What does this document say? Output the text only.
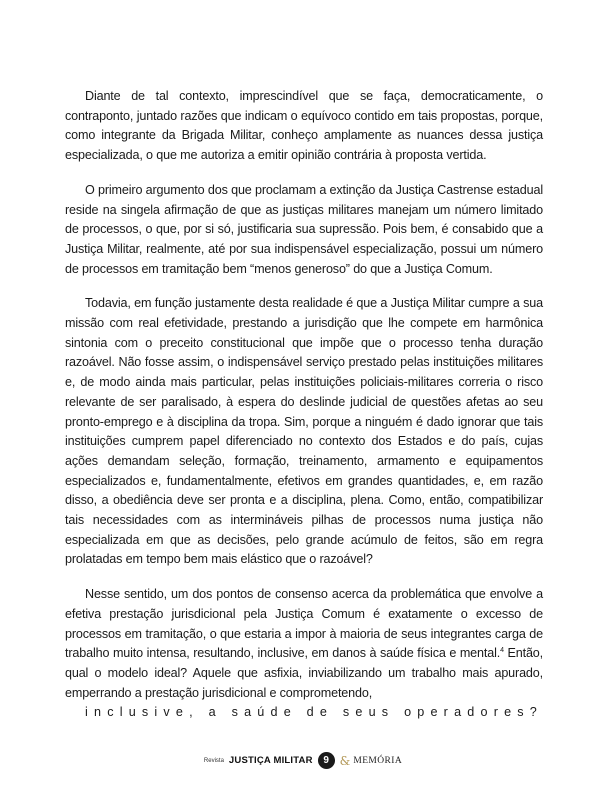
Diante de tal contexto, imprescindível que se faça, democraticamente, o contraponto, juntado razões que indicam o equívoco contido em tais propostas, porque, como integrante da Brigada Militar, conheço amplamente as nuances dessa justiça especializada, o que me autoriza a emitir opinião contrária à proposta vertida.

O primeiro argumento dos que proclamam a extinção da Justiça Castrense estadual reside na singela afirmação de que as justiças militares manejam um número limitado de processos, o que, por si só, justificaria sua supressão. Pois bem, é consabido que a Justiça Militar, realmente, até por sua indispensável especialização, possui um número de processos em tramitação bem “menos generoso” do que a Justiça Comum.

Todavia, em função justamente desta realidade é que a Justiça Militar cumpre a sua missão com real efetividade, prestando a jurisdição que lhe compete em harmônica sintonia com o preceito constitucional que impõe que o processo tenha duração razoável. Não fosse assim, o indispensável serviço prestado pelas instituições militares e, de modo ainda mais particular, pelas instituições policiais-militares correria o risco relevante de ser paralisado, à espera do deslinde judicial de questões afetas ao seu pronto-emprego e à disciplina da tropa. Sim, porque a ninguém é dado ignorar que tais instituições cumprem papel diferenciado no contexto dos Estados e do país, cujas ações demandam seleção, formação, treinamento, armamento e equipamentos especializados e, fundamentalmente, efetivos em grandes quantidades, e, em razão disso, a obediência deve ser pronta e a disciplina, plena. Como, então, compatibilizar tais necessidades com as intermináveis pilhas de processos numa justiça não especializada em que as decisões, pelo grande acúmulo de feitos, são em regra prolatadas em tempo bem mais elástico que o razoável?

Nesse sentido, um dos pontos de consenso acerca da problemática que envolve a efetiva prestação jurisdicional pela Justiça Comum é exatamente o excesso de processos em tramitação, o que estaria a impor à maioria de seus integrantes carga de trabalho muito intensa, resultando, inclusive, em danos à saúde física e mental.$^4$ Então, qual o modelo ideal? Aquele que asfixia, inviabilizando um trabalho mais apurado, emperrando a prestação jurisdicional e comprometendo,
inclusive, a saúde de seus operadores?

Revista JUSTIÇA MILITAR	9 & MEMÓRIA
